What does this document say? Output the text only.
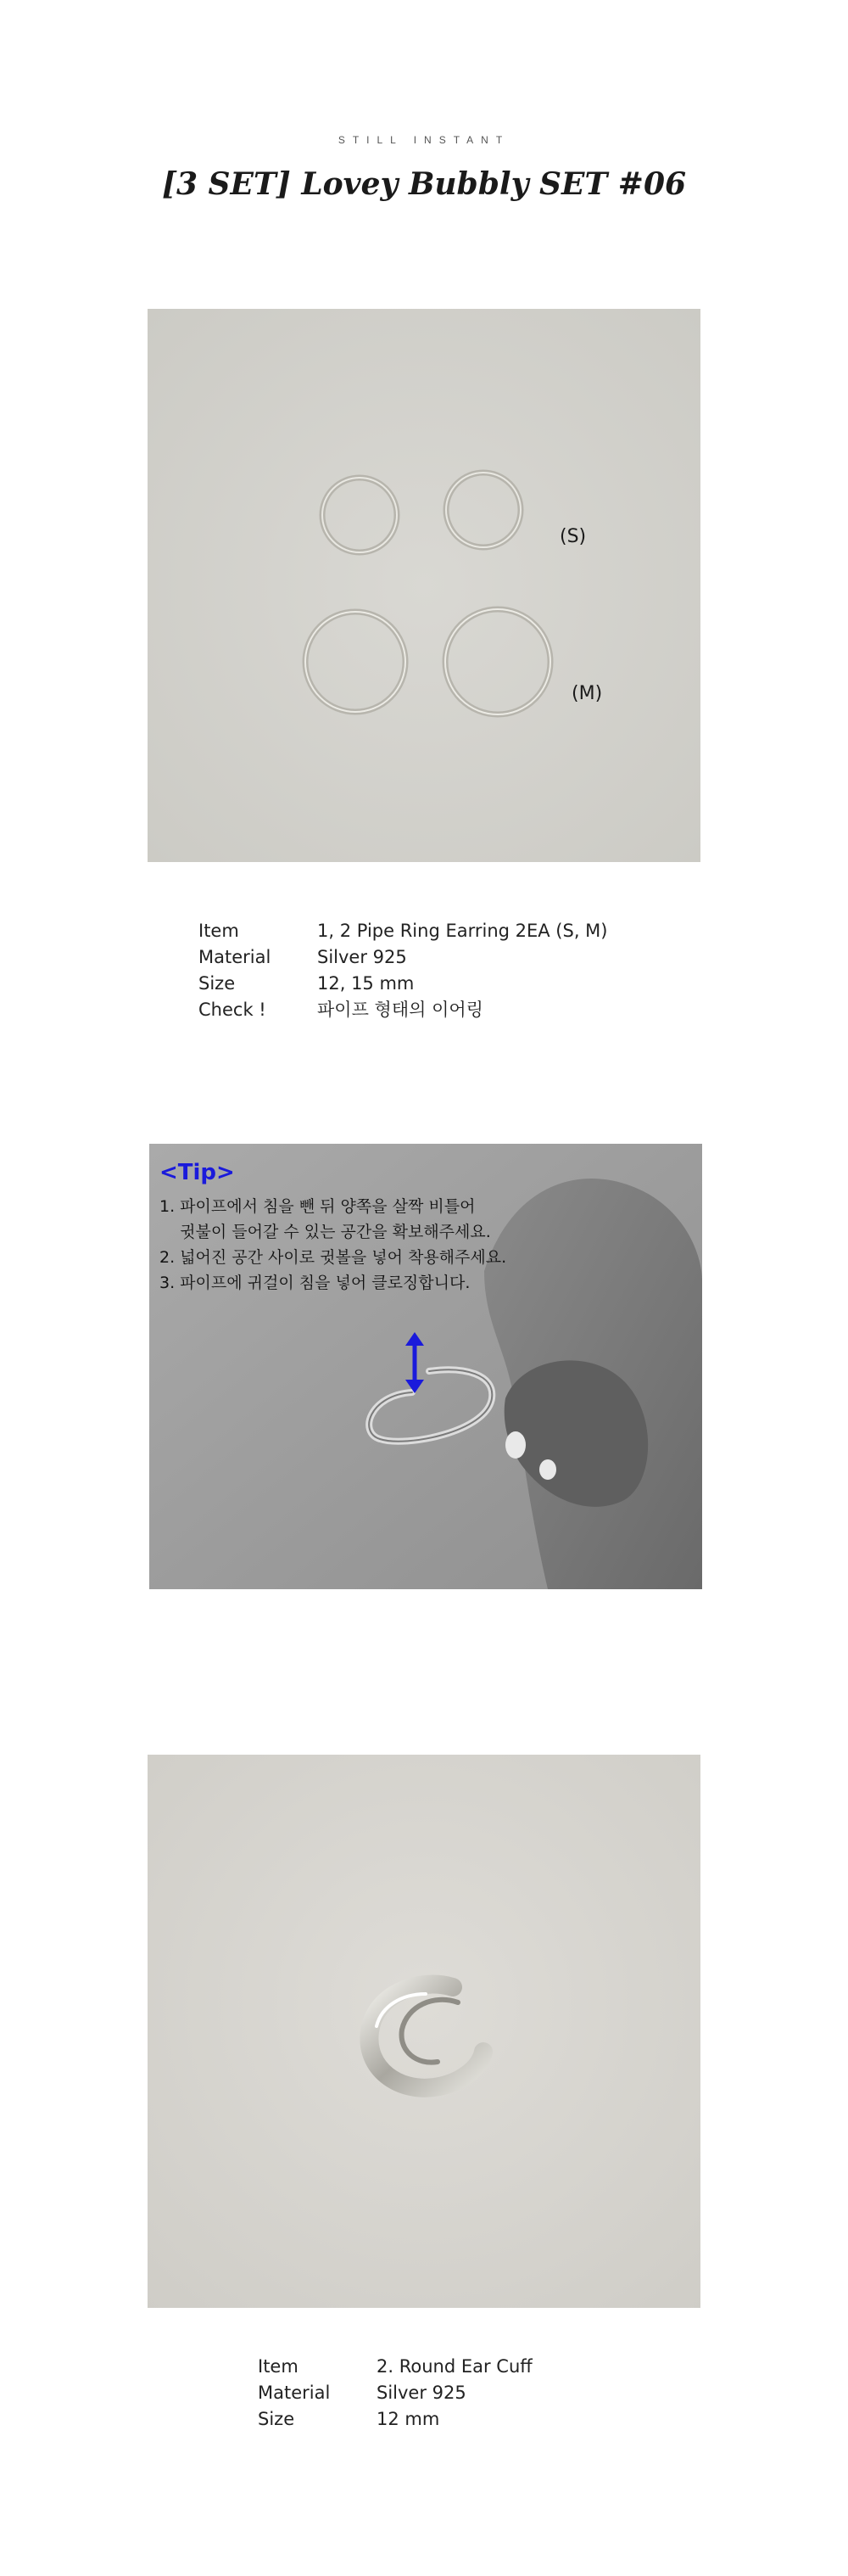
STILL INSTANT
[3 SET] Lovey Bubbly SET #06
(S)
(M)
Item	1, 2 Pipe Ring Earring 2EA (S, M)
Material	Silver 925
Size	12, 15 mm
Check !	파이프 형태의 이어링
<Tip>
1. 파이프에서 침을 뺀 뒤 양쪽을 살짝 비틀어
귓불이 들어갈 수 있는 공간을 확보해주세요.
2. 넓어진 공간 사이로 귓볼을 넣어 착용해주세요.
3. 파이프에 귀걸이 침을 넣어 클로징합니다.
Item	2. Round Ear Cuff
Material	Silver 925
Size	12 mm
